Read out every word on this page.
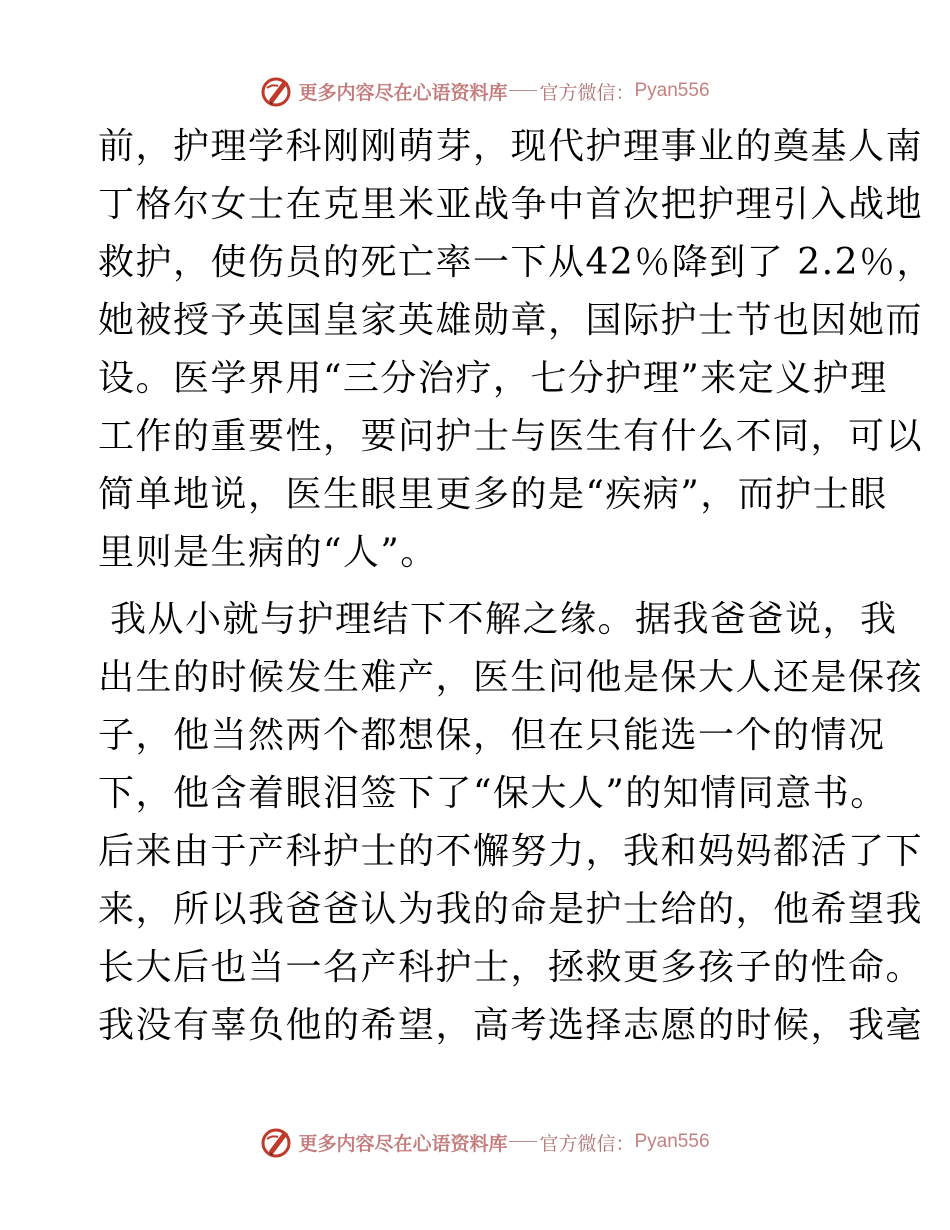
更多内容尽在心语资料库 官方微信： Pyan556
前，护理学科刚刚萌芽，现代护理事业的奠基人南
丁格尔女士在克里米亚战争中首次把护理引入战地
救护，使伤员的死亡率一下从42％降到了 2.2％，
她被授予英国皇家英雄勋章，国际护士节也因她而
设。医学界用“三分治疗，七分护理”来定义护理
工作的重要性，要问护士与医生有什么不同，可以
简单地说，医生眼里更多的是“疾病”，而护士眼
里则是生病的“人”。
我从小就与护理结下不解之缘。据我爸爸说，我
出生的时候发生难产，医生问他是保大人还是保孩
子，他当然两个都想保，但在只能选一个的情况
下，他含着眼泪签下了“保大人”的知情同意书。
后来由于产科护士的不懈努力，我和妈妈都活了下
来，所以我爸爸认为我的命是护士给的，他希望我
长大后也当一名产科护士，拯救更多孩子的性命。
我没有辜负他的希望，高考选择志愿的时候，我毫
更多内容尽在心语资料库 官方微信： Pyan556
